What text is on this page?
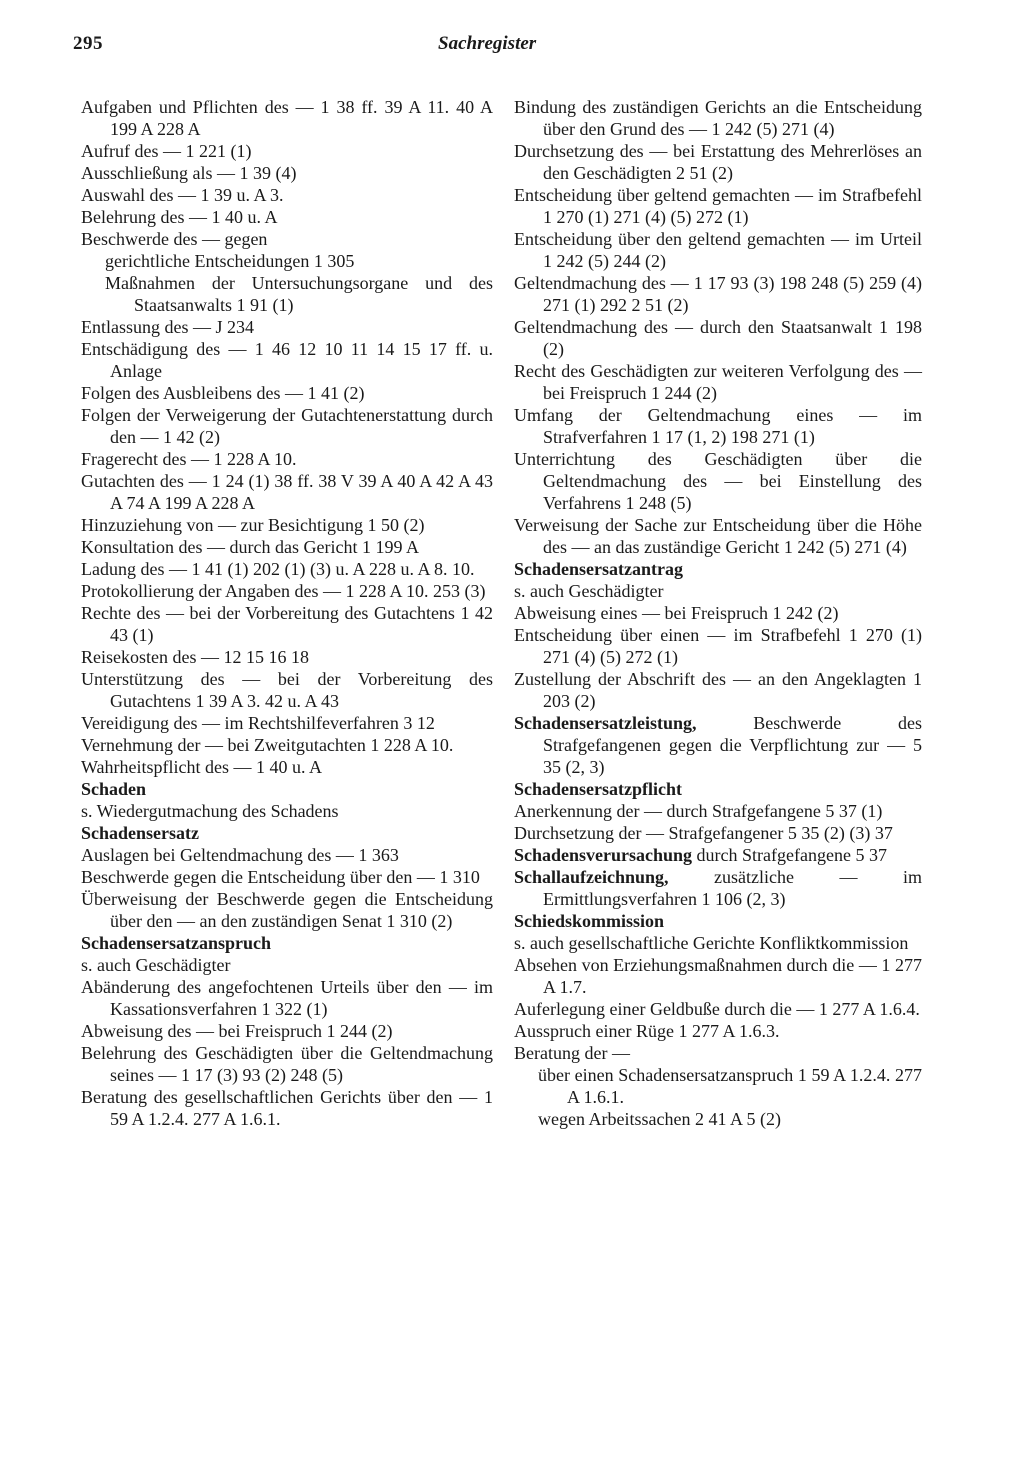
295	Sachregister
Aufgaben und Pflichten des — 1 38 ff. 39 A 11. 40 A 199 A 228 A
Aufruf des — 1 221 (1)
Ausschließung als — 1 39 (4)
Auswahl des — 1 39 u. A 3.
Belehrung des — 1 40 u. A
Beschwerde des — gegen
gerichtliche Entscheidungen 1 305
Maßnahmen der Untersuchungsorgane und des Staatsanwalts 1 91 (1)
Entlassung des — J 234
Entschädigung des — 1 46 12 10 11 14 15 17 ff. u. Anlage
Folgen des Ausbleibens des — 1 41 (2)
Folgen der Verweigerung der Gutachtenerstattung durch den — 1 42 (2)
Fragerecht des — 1 228 A 10.
Gutachten des — 1 24 (1) 38 ff. 38 V 39 A 40 A 42 A 43 A 74 A 199 A 228 A
Hinzuziehung von — zur Besichtigung 1 50 (2)
Konsultation des — durch das Gericht 1 199 A
Ladung des — 1 41 (1) 202 (1) (3) u. A 228 u. A 8. 10.
Protokollierung der Angaben des — 1 228 A 10. 253 (3)
Rechte des — bei der Vorbereitung des Gutachtens 1 42 43 (1)
Reisekosten des — 12 15 16 18
Unterstützung des — bei der Vorbereitung des Gutachtens 1 39 A 3. 42 u. A 43
Vereidigung des — im Rechtshilfeverfahren 3 12
Vernehmung der — bei Zweitgutachten 1 228 A 10.
Wahrheitspflicht des — 1 40 u. A
Schaden
s. Wiedergutmachung des Schadens
Schadensersatz
Auslagen bei Geltendmachung des — 1 363
Beschwerde gegen die Entscheidung über den — 1 310
Überweisung der Beschwerde gegen die Entscheidung über den — an den zuständigen Senat 1 310 (2)
Schadensersatzanspruch
s. auch Geschädigter
Abänderung des angefochtenen Urteils über den — im Kassationsverfahren 1 322 (1)
Abweisung des — bei Freispruch 1 244 (2)
Belehrung des Geschädigten über die Geltendmachung seines — 1 17 (3) 93 (2) 248 (5)
Beratung des gesellschaftlichen Gerichts über den — 1 59 A 1.2.4. 277 A 1.6.1.
Bindung des zuständigen Gerichts an die Entscheidung über den Grund des — 1 242 (5) 271 (4)
Durchsetzung des — bei Erstattung des Mehrerlöses an den Geschädigten 2 51 (2)
Entscheidung über geltend gemachten — im Strafbefehl 1 270 (1) 271 (4) (5) 272 (1)
Entscheidung über den geltend gemachten — im Urteil 1 242 (5) 244 (2)
Geltendmachung des — 1 17 93 (3) 198 248 (5) 259 (4) 271 (1) 292 2 51 (2)
Geltendmachung des — durch den Staatsanwalt 1 198 (2)
Recht des Geschädigten zur weiteren Verfolgung des — bei Freispruch 1 244 (2)
Umfang der Geltendmachung eines — im Strafverfahren 1 17 (1, 2) 198 271 (1)
Unterrichtung des Geschädigten über die Geltendmachung des — bei Einstellung des Verfahrens 1 248 (5)
Verweisung der Sache zur Entscheidung über die Höhe des — an das zuständige Gericht 1 242 (5) 271 (4)
Schadensersatzantrag
s. auch Geschädigter
Abweisung eines — bei Freispruch 1 242 (2)
Entscheidung über einen — im Strafbefehl 1 270 (1) 271 (4) (5) 272 (1)
Zustellung der Abschrift des — an den Angeklagten 1 203 (2)
Schadensersatzleistung, Beschwerde des Strafgefangenen gegen die Verpflichtung zur — 5 35 (2, 3)
Schadensersatzpflicht
Anerkennung der — durch Strafgefangene 5 37 (1)
Durchsetzung der — Strafgefangener 5 35 (2) (3) 37
Schadensverursachung durch Strafgefangene 5 37
Schallaufzeichnung, zusätzliche — im Ermittlungsverfahren 1 106 (2, 3)
Schiedskommission
s. auch gesellschaftliche Gerichte Konfliktkommission
Absehen von Erziehungsmaßnahmen durch die — 1 277 A 1.7.
Auferlegung einer Geldbuße durch die — 1 277 A 1.6.4.
Ausspruch einer Rüge 1 277 A 1.6.3.
Beratung der —
über einen Schadensersatzanspruch 1 59 A 1.2.4. 277 A 1.6.1.
wegen Arbeitssachen 2 41 A 5 (2)
